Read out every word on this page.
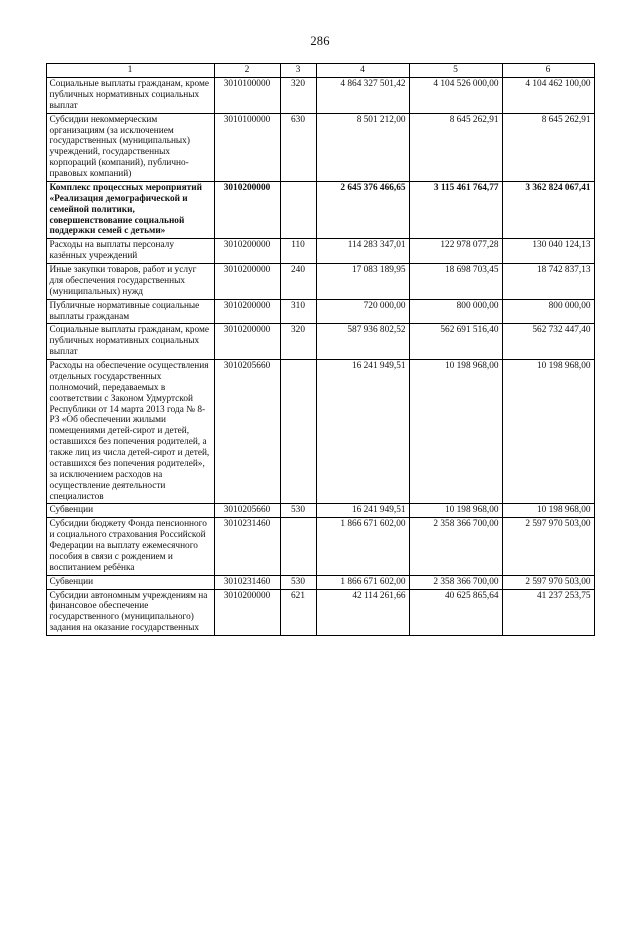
286
1	2	3	4	5	6
Социальные выплаты гражданам, кроме публичных нормативных социальных выплат	3010100000	320	4 864 327 501,42	4 104 526 000,00	4 104 462 100,00
Субсидии некоммерческим организациям (за исключением государственных (муниципальных) учреждений, государственных корпораций (компаний), публично-правовых компаний)	3010100000	630	8 501 212,00	8 645 262,91	8 645 262,91
Комплекс процессных мероприятий «Реализация демографической и семейной политики, совершенствование социальной поддержки семей с детьми»	3010200000		2 645 376 466,65	3 115 461 764,77	3 362 824 067,41
Расходы на выплаты персоналу казённых учреждений	3010200000	110	114 283 347,01	122 978 077,28	130 040 124,13
Иные закупки товаров, работ и услуг для обеспечения государственных (муниципальных) нужд	3010200000	240	17 083 189,95	18 698 703,45	18 742 837,13
Публичные нормативные социальные выплаты гражданам	3010200000	310	720 000,00	800 000,00	800 000,00
Социальные выплаты гражданам, кроме публичных нормативных социальных выплат	3010200000	320	587 936 802,52	562 691 516,40	562 732 447,40
Расходы на обеспечение осуществления отдельных государственных полномочий, передаваемых в соответствии с Законом Удмуртской Республики от 14 марта 2013 года № 8-РЗ «Об обеспечении жилыми помещениями детей-сирот и детей, оставшихся без попечения родителей, а также лиц из числа детей-сирот и детей, оставшихся без попечения родителей», за исключением расходов на осуществление деятельности специалистов	3010205660		16 241 949,51	10 198 968,00	10 198 968,00
Субвенции	3010205660	530	16 241 949,51	10 198 968,00	10 198 968,00
Субсидии бюджету Фонда пенсионного и социального страхования Российской Федерации на выплату ежемесячного пособия в связи с рождением и воспитанием ребёнка	3010231460		1 866 671 602,00	2 358 366 700,00	2 597 970 503,00
Субвенции	3010231460	530	1 866 671 602,00	2 358 366 700,00	2 597 970 503,00
Субсидии автономным учреждениям на финансовое обеспечение государственного (муниципального) задания на оказание государственных	3010200000	621	42 114 261,66	40 625 865,64	41 237 253,75
